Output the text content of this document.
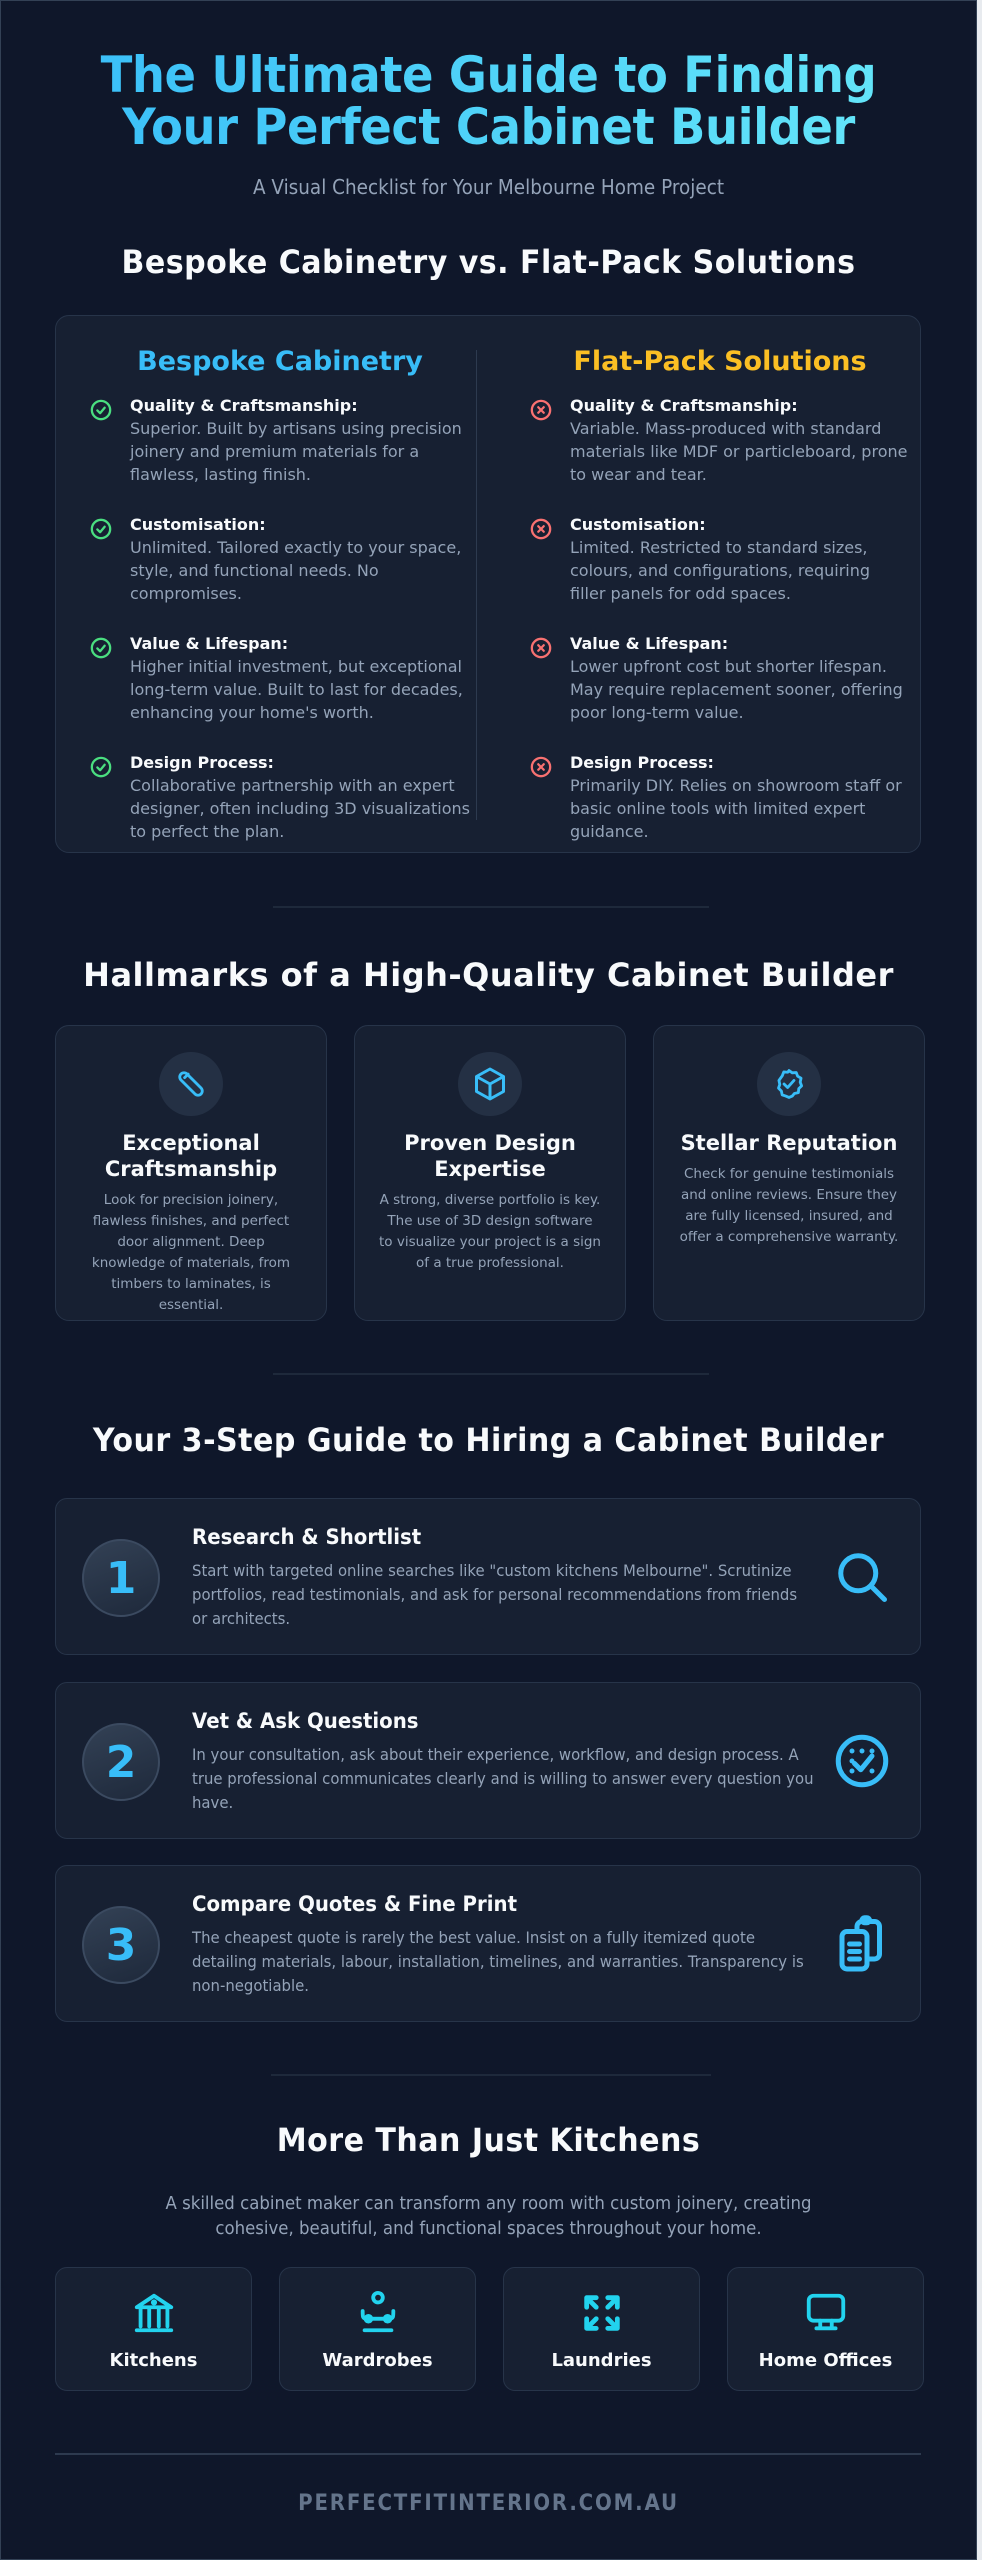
The Ultimate Guide to Finding
Your Perfect Cabinet Builder
A Visual Checklist for Your Melbourne Home Project
Bespoke Cabinetry vs. Flat-Pack Solutions
Bespoke Cabinetry
Quality & Craftsmanship:
Superior. Built by artisans using precision joinery and premium materials for a flawless, lasting finish.
Customisation:
Unlimited. Tailored exactly to your space, style, and functional needs. No compromises.
Value & Lifespan:
Higher initial investment, but exceptional long-term value. Built to last for decades, enhancing your home's worth.
Design Process:
Collaborative partnership with an expert designer, often including 3D visualizations to perfect the plan.
Flat-Pack Solutions
Quality & Craftsmanship:
Variable. Mass-produced with standard materials like MDF or particleboard, prone to wear and tear.
Customisation:
Limited. Restricted to standard sizes, colours, and configurations, requiring filler panels for odd spaces.
Value & Lifespan:
Lower upfront cost but shorter lifespan. May require replacement sooner, offering poor long-term value.
Design Process:
Primarily DIY. Relies on showroom staff or basic online tools with limited expert guidance.
Hallmarks of a High-Quality Cabinet Builder
Exceptional Craftsmanship
Look for precision joinery, flawless finishes, and perfect door alignment. Deep knowledge of materials, from timbers to laminates, is essential.
Proven Design Expertise
A strong, diverse portfolio is key. The use of 3D design software to visualize your project is a sign of a true professional.
Stellar Reputation
Check for genuine testimonials and online reviews. Ensure they are fully licensed, insured, and offer a comprehensive warranty.
Your 3-Step Guide to Hiring a Cabinet Builder
1
Research & Shortlist
Start with targeted online searches like "custom kitchens Melbourne". Scrutinize portfolios, read testimonials, and ask for personal recommendations from friends or architects.
2
Vet & Ask Questions
In your consultation, ask about their experience, workflow, and design process. A true professional communicates clearly and is willing to answer every question you have.
3
Compare Quotes & Fine Print
The cheapest quote is rarely the best value. Insist on a fully itemized quote detailing materials, labour, installation, timelines, and warranties. Transparency is non-negotiable.
More Than Just Kitchens
A skilled cabinet maker can transform any room with custom joinery, creating cohesive, beautiful, and functional spaces throughout your home.
Kitchens	Wardrobes	Laundries	Home Offices
PERFECTFITINTERIOR.COM.AU
